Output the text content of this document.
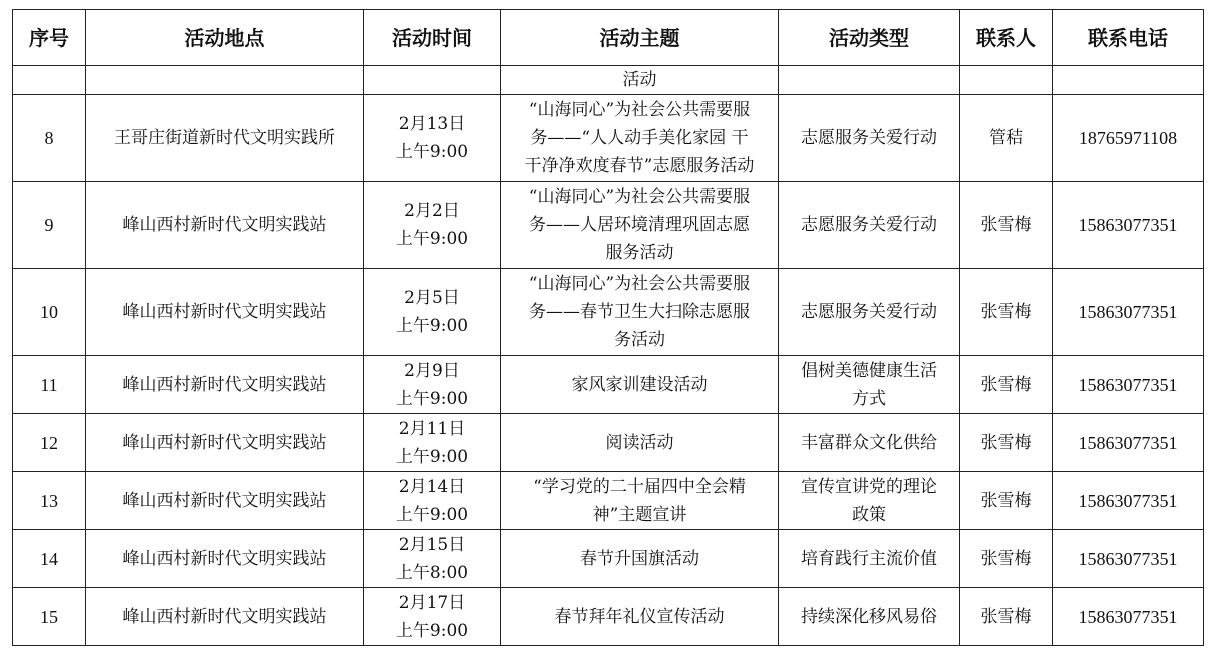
序号	活动地点	活动时间	活动主题	活动类型	联系人	联系电话
			活动			
8	王哥庄街道新时代文明实践所	2月13日
上午9:00	“山海同心”为社会公共需要服
务——“人人动手美化家园 干
干净净欢度春节”志愿服务活动	志愿服务关爱行动	管秸	18765971108
9	峰山西村新时代文明实践站	2月2日
上午9:00	“山海同心”为社会公共需要服
务——人居环境清理巩固志愿
服务活动	志愿服务关爱行动	张雪梅	15863077351
10	峰山西村新时代文明实践站	2月5日
上午9:00	“山海同心”为社会公共需要服
务——春节卫生大扫除志愿服
务活动	志愿服务关爱行动	张雪梅	15863077351
11	峰山西村新时代文明实践站	2月9日
上午9:00	家风家训建设活动	倡树美德健康生活
方式	张雪梅	15863077351
12	峰山西村新时代文明实践站	2月11日
上午9:00	阅读活动	丰富群众文化供给	张雪梅	15863077351
13	峰山西村新时代文明实践站	2月14日
上午9:00	“学习党的二十届四中全会精
神”主题宣讲	宣传宣讲党的理论
政策	张雪梅	15863077351
14	峰山西村新时代文明实践站	2月15日
上午8:00	春节升国旗活动	培育践行主流价值	张雪梅	15863077351
15	峰山西村新时代文明实践站	2月17日
上午9:00	春节拜年礼仪宣传活动	持续深化移风易俗	张雪梅	15863077351
